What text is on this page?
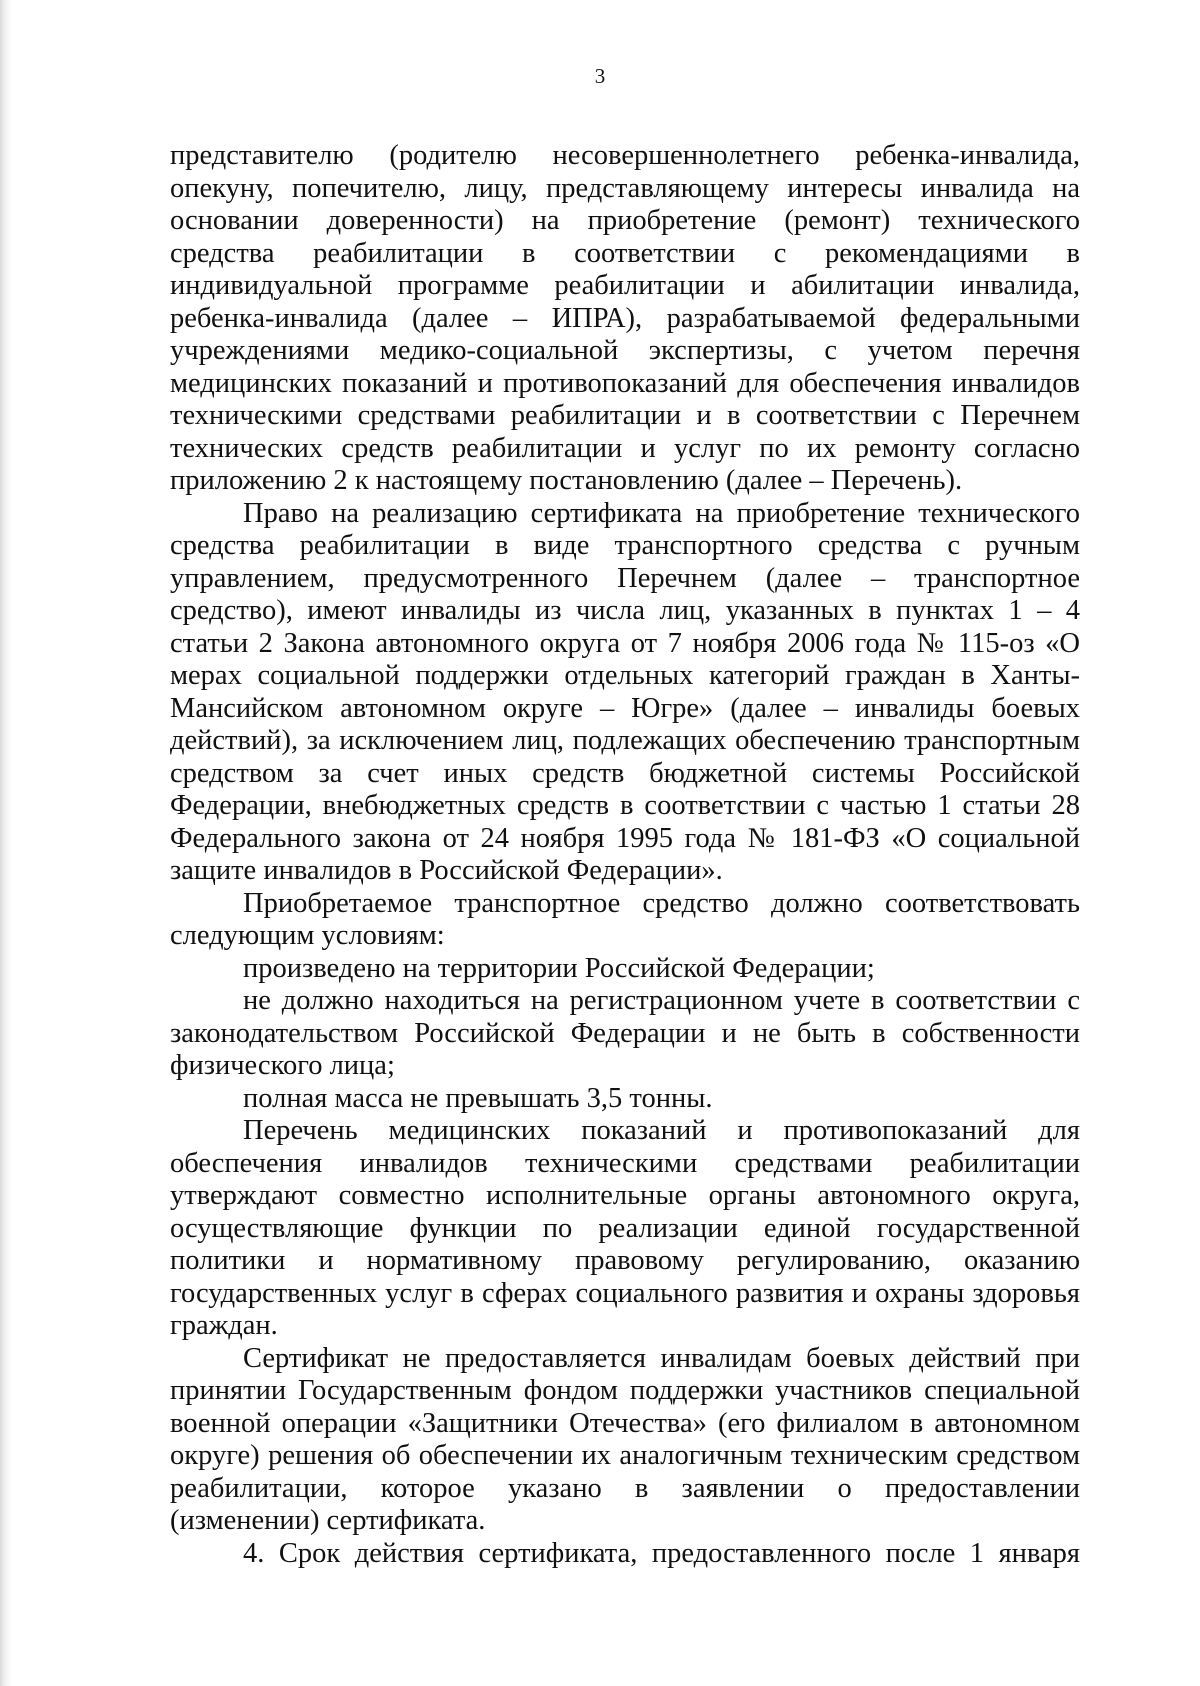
3

представителю (родителю несовершеннолетнего ребенка-инвалида, опекуну, попечителю, лицу, представляющему интересы инвалида на основании доверенности) на приобретение (ремонт) технического средства реабилитации в соответствии с рекомендациями в индивидуальной программе реабилитации и абилитации инвалида, ребенка-инвалида (далее – ИПРА), разрабатываемой федеральными учреждениями медико-социальной экспертизы, с учетом перечня медицинских показаний и противопоказаний для обеспечения инвалидов техническими средствами реабилитации и в соответствии с Перечнем технических средств реабилитации и услуг по их ремонту согласно приложению 2 к настоящему постановлению (далее – Перечень).

Право на реализацию сертификата на приобретение технического средства реабилитации в виде транспортного средства с ручным управлением, предусмотренного Перечнем (далее – транспортное средство), имеют инвалиды из числа лиц, указанных в пунктах 1 – 4 статьи 2 Закона автономного округа от 7 ноября 2006 года № 115-оз «О мерах социальной поддержки отдельных категорий граждан в Ханты-Мансийском автономном округе – Югре» (далее – инвалиды боевых действий), за исключением лиц, подлежащих обеспечению транспортным средством за счет иных средств бюджетной системы Российской Федерации, внебюджетных средств в соответствии с частью 1 статьи 28 Федерального закона от 24 ноября 1995 года № 181-ФЗ «О социальной защите инвалидов в Российской Федерации».

Приобретаемое транспортное средство должно соответствовать следующим условиям:

произведено на территории Российской Федерации;

не должно находиться на регистрационном учете в соответствии с законодательством Российской Федерации и не быть в собственности физического лица;

полная масса не превышать 3,5 тонны.

Перечень медицинских показаний и противопоказаний для обеспечения инвалидов техническими средствами реабилитации утверждают совместно исполнительные органы автономного округа, осуществляющие функции по реализации единой государственной политики и нормативному правовому регулированию, оказанию государственных услуг в сферах социального развития и охраны здоровья граждан.

Сертификат не предоставляется инвалидам боевых действий при принятии Государственным фондом поддержки участников специальной военной операции «Защитники Отечества» (его филиалом в автономном округе) решения об обеспечении их аналогичным техническим средством реабилитации, которое указано в заявлении о предоставлении (изменении) сертификата.

4. Срок действия сертификата, предоставленного после 1 января
